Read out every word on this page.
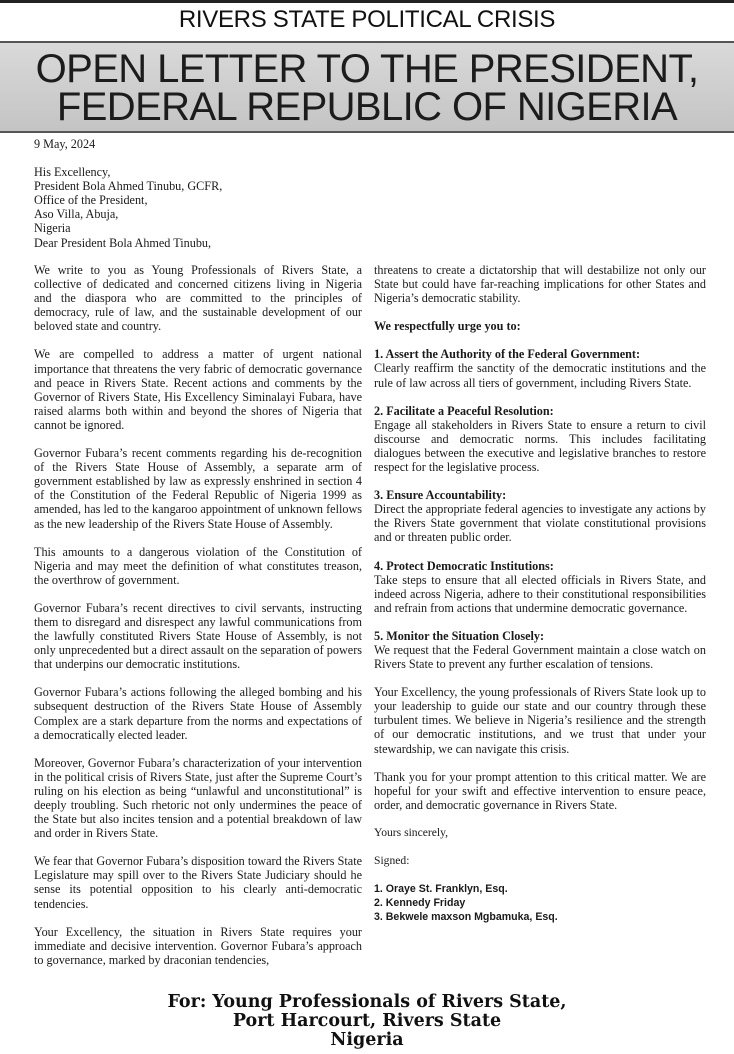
RIVERS STATE POLITICAL CRISIS
OPEN LETTER TO THE PRESIDENT,
FEDERAL REPUBLIC OF NIGERIA
9 May, 2024
His Excellency,
President Bola Ahmed Tinubu, GCFR,
Office of the President,
Aso Villa, Abuja,
Nigeria
Dear President Bola Ahmed Tinubu,

We write to you as Young Professionals of Rivers State, a collective of dedicated and concerned citizens living in Nigeria and the diaspora who are committed to the principles of democracy, rule of law, and the sustainable development of our beloved state and country.

We are compelled to address a matter of urgent national importance that threatens the very fabric of democratic governance and peace in Rivers State. Recent actions and comments by the Governor of Rivers State, His Excellency Siminalayi Fubara, have raised alarms both within and beyond the shores of Nigeria that cannot be ignored.

Governor Fubara’s recent comments regarding his de-recognition of the Rivers State House of Assembly, a separate arm of government established by law as expressly enshrined in section 4 of the Constitution of the Federal Republic of Nigeria 1999 as amended, has led to the kangaroo appointment of unknown fellows as the new leadership of the Rivers State House of Assembly.

This amounts to a dangerous violation of the Constitution of Nigeria and may meet the definition of what constitutes treason, the overthrow of government.

Governor Fubara’s recent directives to civil servants, instructing them to disregard and disrespect any lawful communications from the lawfully constituted Rivers State House of Assembly, is not only unprecedented but a direct assault on the separation of powers that underpins our democratic institutions.

Governor Fubara’s actions following the alleged bombing and his subsequent destruction of the Rivers State House of Assembly Complex are a stark departure from the norms and expectations of a democratically elected leader.

Moreover, Governor Fubara’s characterization of your intervention in the political crisis of Rivers State, just after the Supreme Court’s ruling on his election as being “unlawful and unconstitutional” is deeply troubling. Such rhetoric not only undermines the peace of the State but also incites tension and a potential breakdown of law and order in Rivers State.

We fear that Governor Fubara’s disposition toward the Rivers State Legislature may spill over to the Rivers State Judiciary should he sense its potential opposition to his clearly anti-democratic tendencies.

Your Excellency, the situation in Rivers State requires your immediate and decisive intervention. Governor Fubara’s approach to governance, marked by draconian tendencies,

threatens to create a dictatorship that will destabilize not only our State but could have far-reaching implications for other States and Nigeria’s democratic stability.

We respectfully urge you to:

1. Assert the Authority of the Federal Government:
Clearly reaffirm the sanctity of the democratic institutions and the rule of law across all tiers of government, including Rivers State.

2. Facilitate a Peaceful Resolution:
Engage all stakeholders in Rivers State to ensure a return to civil discourse and democratic norms. This includes facilitating dialogues between the executive and legislative branches to restore respect for the legislative process.

3. Ensure Accountability:
Direct the appropriate federal agencies to investigate any actions by the Rivers State government that violate constitutional provisions and or threaten public order.

4. Protect Democratic Institutions:
Take steps to ensure that all elected officials in Rivers State, and indeed across Nigeria, adhere to their constitutional responsibilities and refrain from actions that undermine democratic governance.

5. Monitor the Situation Closely:
We request that the Federal Government maintain a close watch on Rivers State to prevent any further escalation of tensions.

Your Excellency, the young professionals of Rivers State look up to your leadership to guide our state and our country through these turbulent times. We believe in Nigeria’s resilience and the strength of our democratic institutions, and we trust that under your stewardship, we can navigate this crisis.

Thank you for your prompt attention to this critical matter. We are hopeful for your swift and effective intervention to ensure peace, order, and democratic governance in Rivers State.

Yours sincerely,

Signed:

1. Oraye St. Franklyn, Esq.
2. Kennedy Friday
3. Bekwele maxson Mgbamuka, Esq.
For: Young Professionals of Rivers State,
Port Harcourt, Rivers State
Nigeria
